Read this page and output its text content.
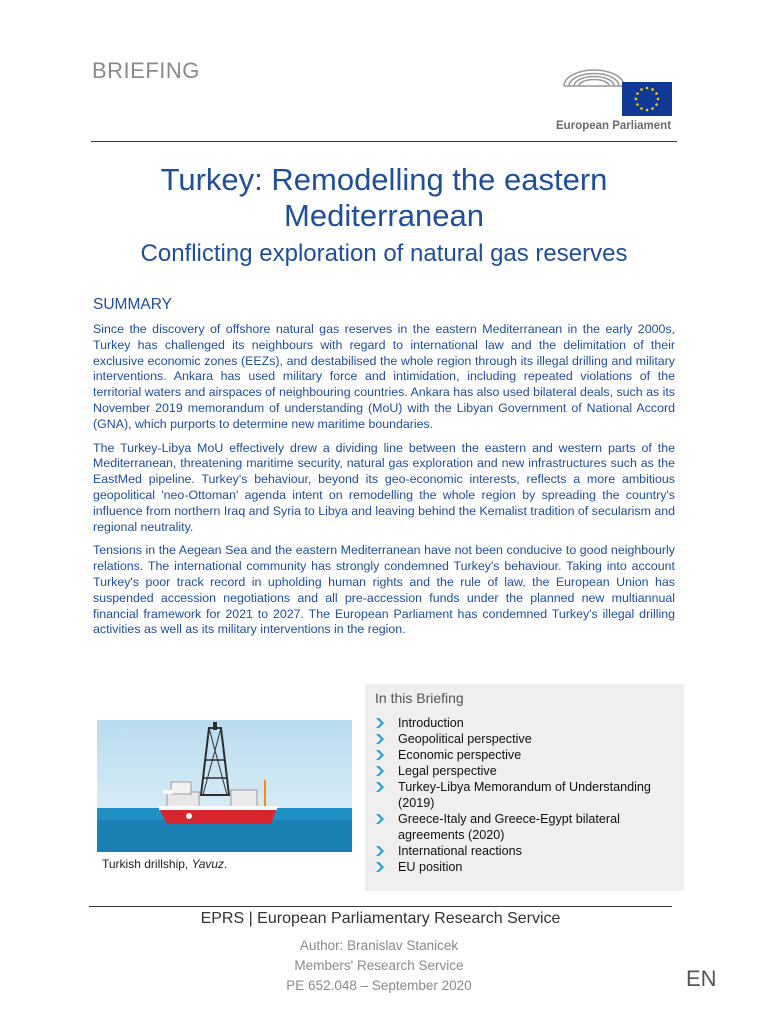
BRIEFING
European Parliament
Turkey: Remodelling the eastern Mediterranean
Conflicting exploration of natural gas reserves
SUMMARY

Since the discovery of offshore natural gas reserves in the eastern Mediterranean in the early 2000s, Turkey has challenged its neighbours with regard to international law and the delimitation of their exclusive economic zones (EEZs), and destabilised the whole region through its illegal drilling and military interventions. Ankara has used military force and intimidation, including repeated violations of the territorial waters and airspaces of neighbouring countries. Ankara has also used bilateral deals, such as its November 2019 memorandum of understanding (MoU) with the Libyan Government of National Accord (GNA), which purports to determine new maritime boundaries.

The Turkey-Libya MoU effectively drew a dividing line between the eastern and western parts of the Mediterranean, threatening maritime security, natural gas exploration and new infrastructures such as the EastMed pipeline. Turkey's behaviour, beyond its geo-economic interests, reflects a more ambitious geopolitical 'neo-Ottoman' agenda intent on remodelling the whole region by spreading the country's influence from northern Iraq and Syria to Libya and leaving behind the Kemalist tradition of secularism and regional neutrality.

Tensions in the Aegean Sea and the eastern Mediterranean have not been conducive to good neighbourly relations. The international community has strongly condemned Turkey's behaviour. Taking into account Turkey's poor track record in upholding human rights and the rule of law, the European Union has suspended accession negotiations and all pre-accession funds under the planned new multiannual financial framework for 2021 to 2027. The European Parliament has condemned Turkey's illegal drilling activities as well as its military interventions in the region.

Turkish drillship, Yavuz.
In this Briefing
Introduction
Geopolitical perspective
Economic perspective
Legal perspective
Turkey-Libya Memorandum of Understanding (2019)
Greece-Italy and Greece-Egypt bilateral agreements (2020)
International reactions
EU position
EPRS | European Parliamentary Research Service
Author: Branislav Stanicek
Members' Research Service
PE 652.048 – September 2020	EN
